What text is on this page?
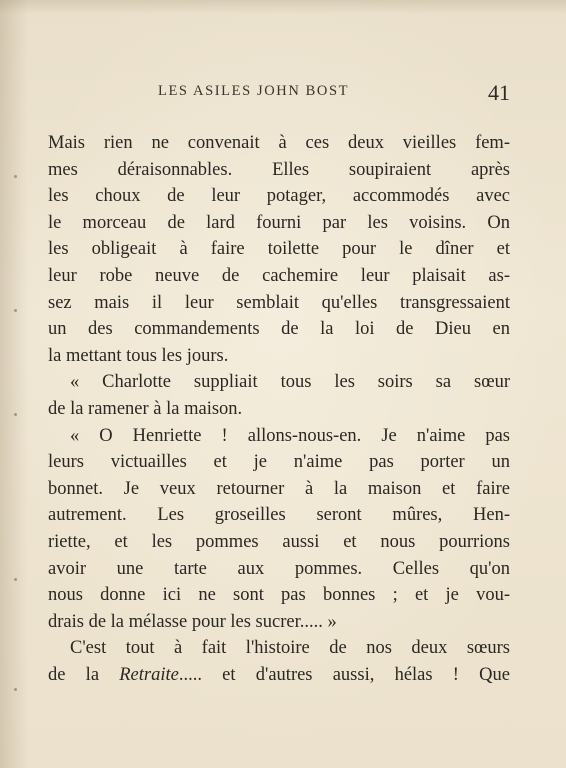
LES ASILES JOHN BOST	41
Mais rien ne convenait à ces deux vieilles fem-
mes déraisonnables. Elles soupiraient après
les choux de leur potager, accommodés avec
le morceau de lard fourni par les voisins. On
les obligeait à faire toilette pour le dîner et
leur robe neuve de cachemire leur plaisait as-
sez mais il leur semblait qu'elles transgressaient
un des commandements de la loi de Dieu en
la mettant tous les jours.
« Charlotte suppliait tous les soirs sa sœur
de la ramener à la maison.
« O Henriette ! allons-nous-en. Je n'aime pas
leurs victuailles et je n'aime pas porter un
bonnet. Je veux retourner à la maison et faire
autrement. Les groseilles seront mûres, Hen-
riette, et les pommes aussi et nous pourrions
avoir une tarte aux pommes. Celles qu'on
nous donne ici ne sont pas bonnes ; et je vou-
drais de la mélasse pour les sucrer..... »
C'est tout à fait l'histoire de nos deux sœurs
de la Retraite..... et d'autres aussi, hélas ! Que
